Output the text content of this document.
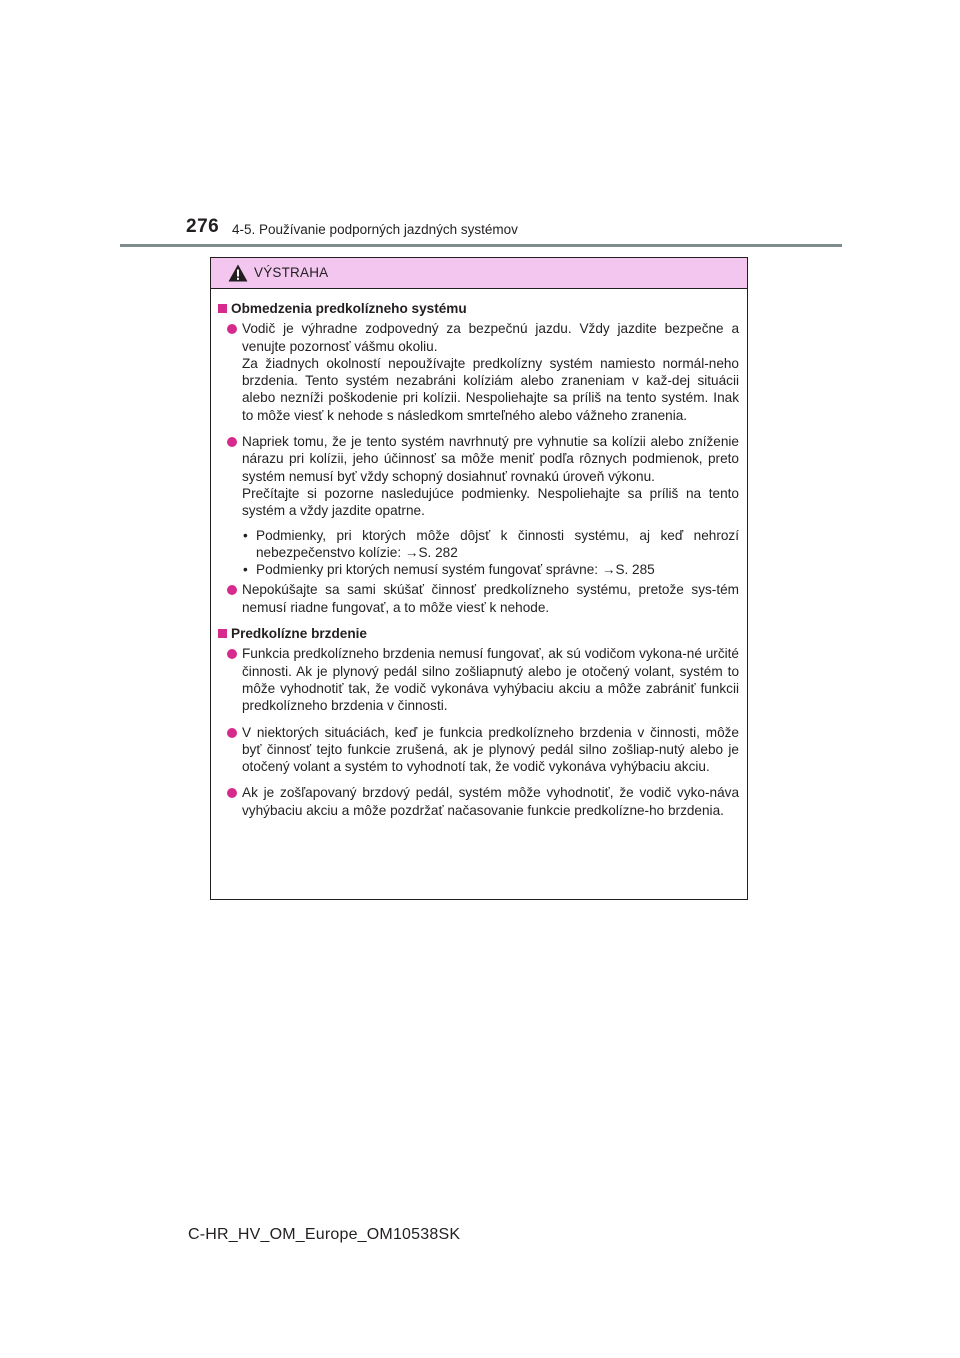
276 4-5. Používanie podporných jazdných systémov
VÝSTRAHA
Obmedzenia predkolízneho systému

Vodič je výhradne zodpovedný za bezpečnú jazdu. Vždy jazdite bezpečne a venujte pozornosť vášmu okoliu.

Za žiadnych okolností nepoužívajte predkolízny systém namiesto normál-neho brzdenia. Tento systém nezabráni kolíziám alebo zraneniam v kaž-dej situácii alebo nezníži poškodenie pri kolízii. Nespoliehajte sa príliš na tento systém. Inak to môže viesť k nehode s následkom smrteľného alebo vážneho zranenia.

Napriek tomu, že je tento systém navrhnutý pre vyhnutie sa kolízii alebo zníženie nárazu pri kolízii, jeho účinnosť sa môže meniť podľa rôznych podmienok, preto systém nemusí byť vždy schopný dosiahnuť rovnakú úroveň výkonu.

Prečítajte si pozorne nasledujúce podmienky. Nespoliehajte sa príliš na tento systém a vždy jazdite opatrne.

• Podmienky, pri ktorých môže dôjsť k činnosti systému, aj keď nehrozí nebezpečenstvo kolízie: →S. 282
• Podmienky pri ktorých nemusí systém fungovať správne: →S. 285

Nepokúšajte sa sami skúšať činnosť predkolízneho systému, pretože sys-tém nemusí riadne fungovať, a to môže viesť k nehode.

Predkolízne brzdenie

Funkcia predkolízneho brzdenia nemusí fungovať, ak sú vodičom vykona-né určité činnosti. Ak je plynový pedál silno zošliapnutý alebo je otočený volant, systém to môže vyhodnotiť tak, že vodič vykonáva vyhýbaciu akciu a môže zabrániť funkcii predkolízneho brzdenia v činnosti.

V niektorých situáciách, keď je funkcia predkolízneho brzdenia v činnosti, môže byť činnosť tejto funkcie zrušená, ak je plynový pedál silno zošliap-nutý alebo je otočený volant a systém to vyhodnotí tak, že vodič vykonáva vyhýbaciu akciu.

Ak je zošľapovaný brzdový pedál, systém môže vyhodnotiť, že vodič vyko-náva vyhýbaciu akciu a môže pozdržať načasovanie funkcie predkolízne-ho brzdenia.

C-HR_HV_OM_Europe_OM10538SK
